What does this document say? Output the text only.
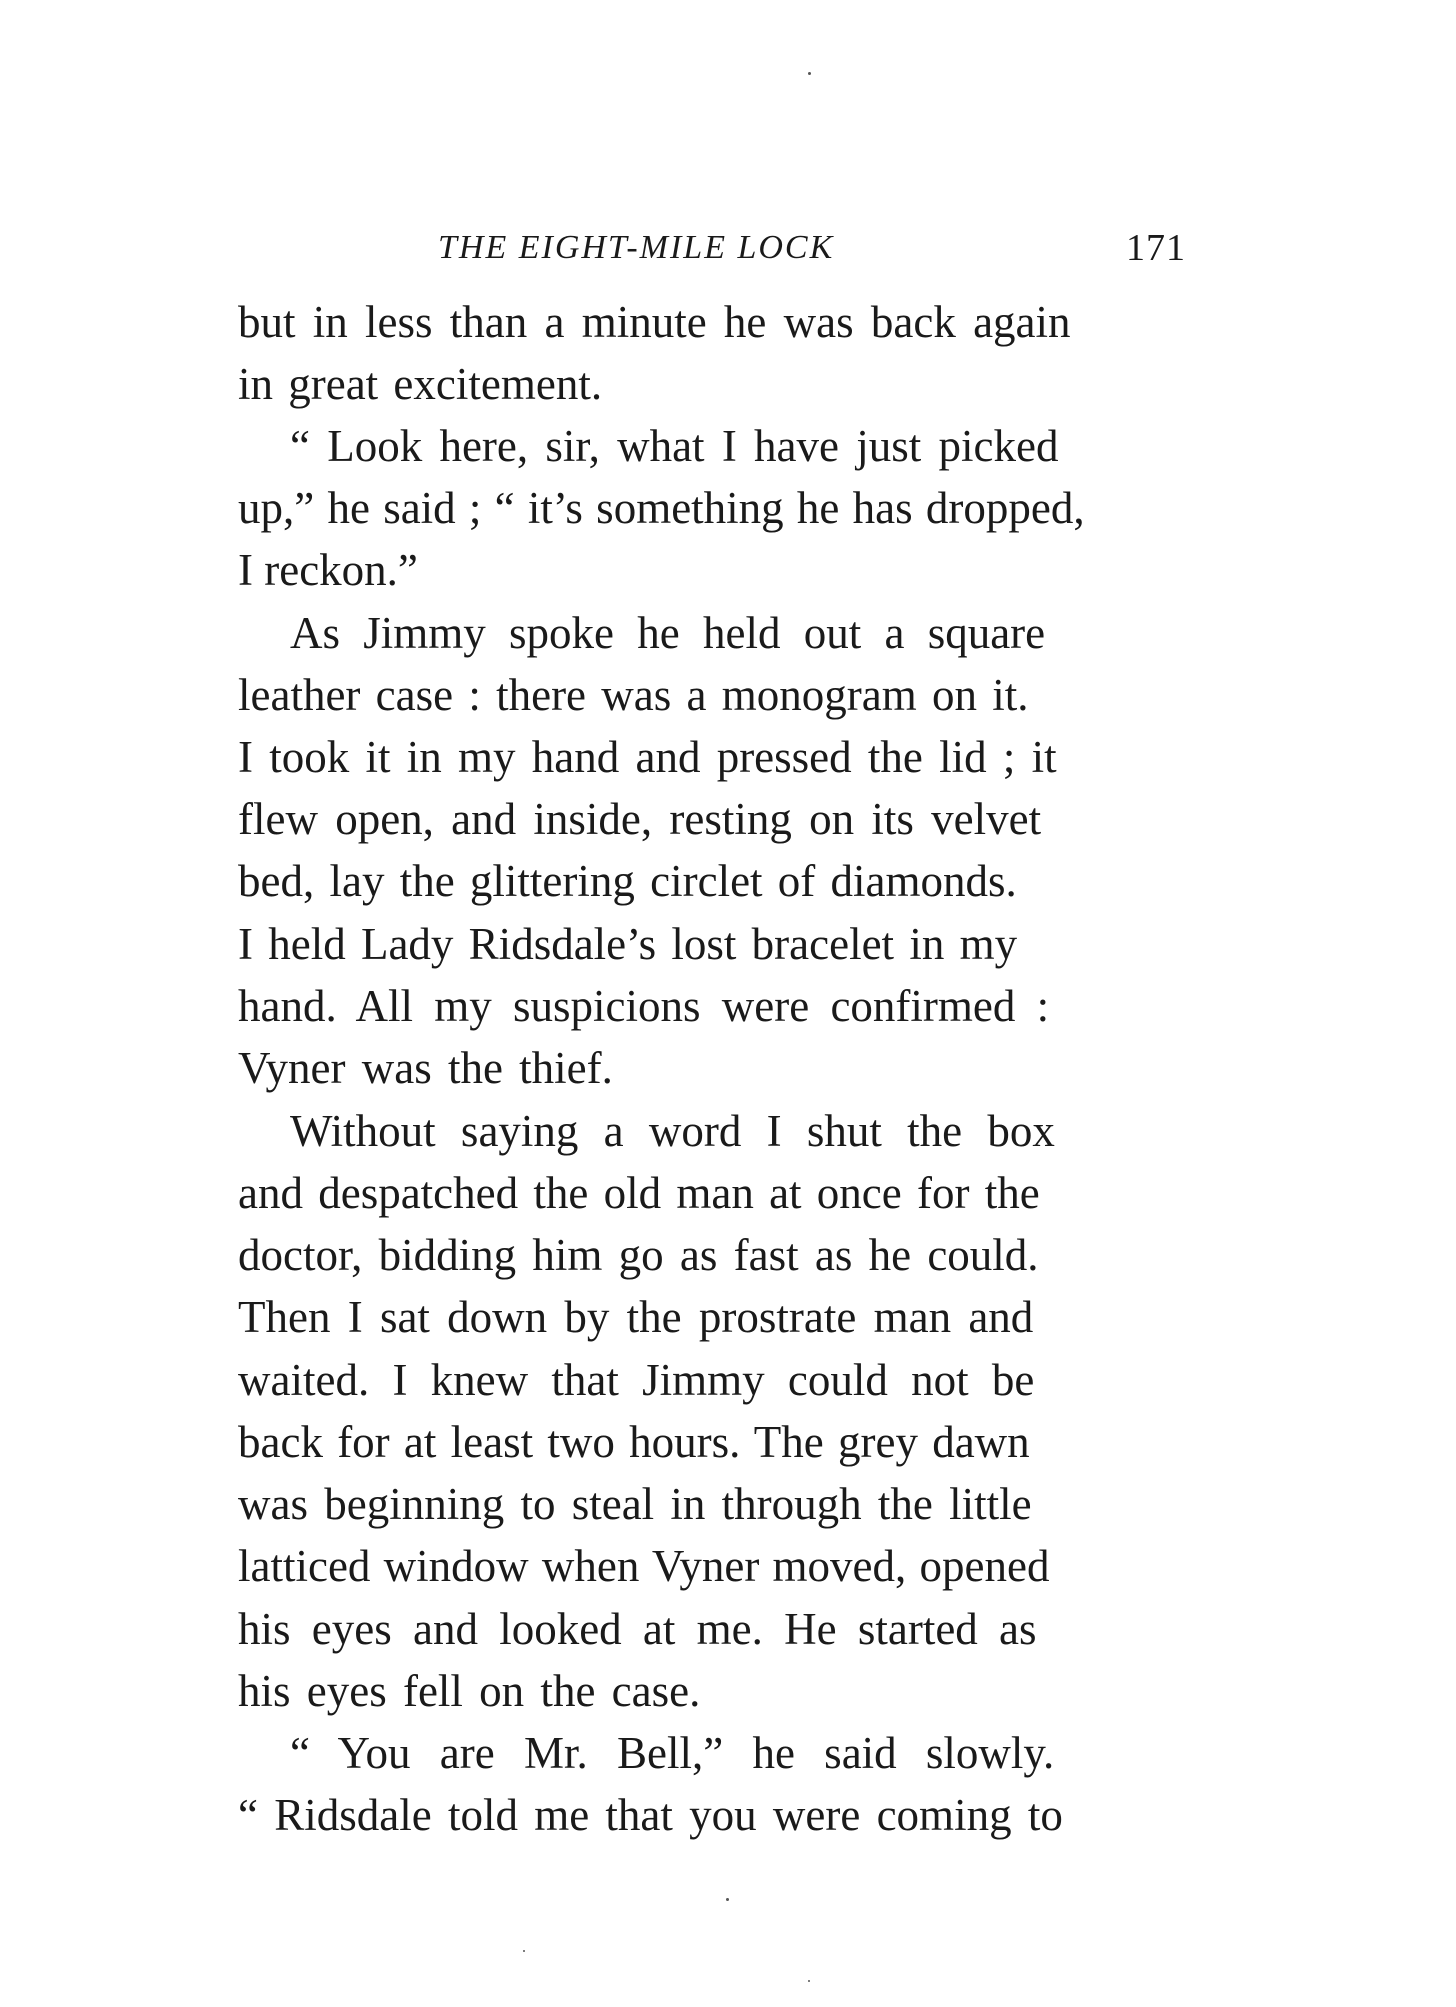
THE EIGHT-MILE LOCK	171
but in less than a minute he was back again
in great excitement.
“ Look here, sir, what I have just picked
up,” he said ; “ it’s something he has dropped,
I reckon.”
As Jimmy spoke he held out a square
leather case : there was a monogram on it.
I took it in my hand and pressed the lid ; it
flew open, and inside, resting on its velvet
bed, lay the glittering circlet of diamonds.
I held Lady Ridsdale’s lost bracelet in my
hand. All my suspicions were confirmed :
Vyner was the thief.
Without saying a word I shut the box
and despatched the old man at once for the
doctor, bidding him go as fast as he could.
Then I sat down by the prostrate man and
waited. I knew that Jimmy could not be
back for at least two hours. The grey dawn
was beginning to steal in through the little
latticed window when Vyner moved, opened
his eyes and looked at me. He started as
his eyes fell on the case.
“ You are Mr. Bell,” he said slowly.
“ Ridsdale told me that you were coming to
